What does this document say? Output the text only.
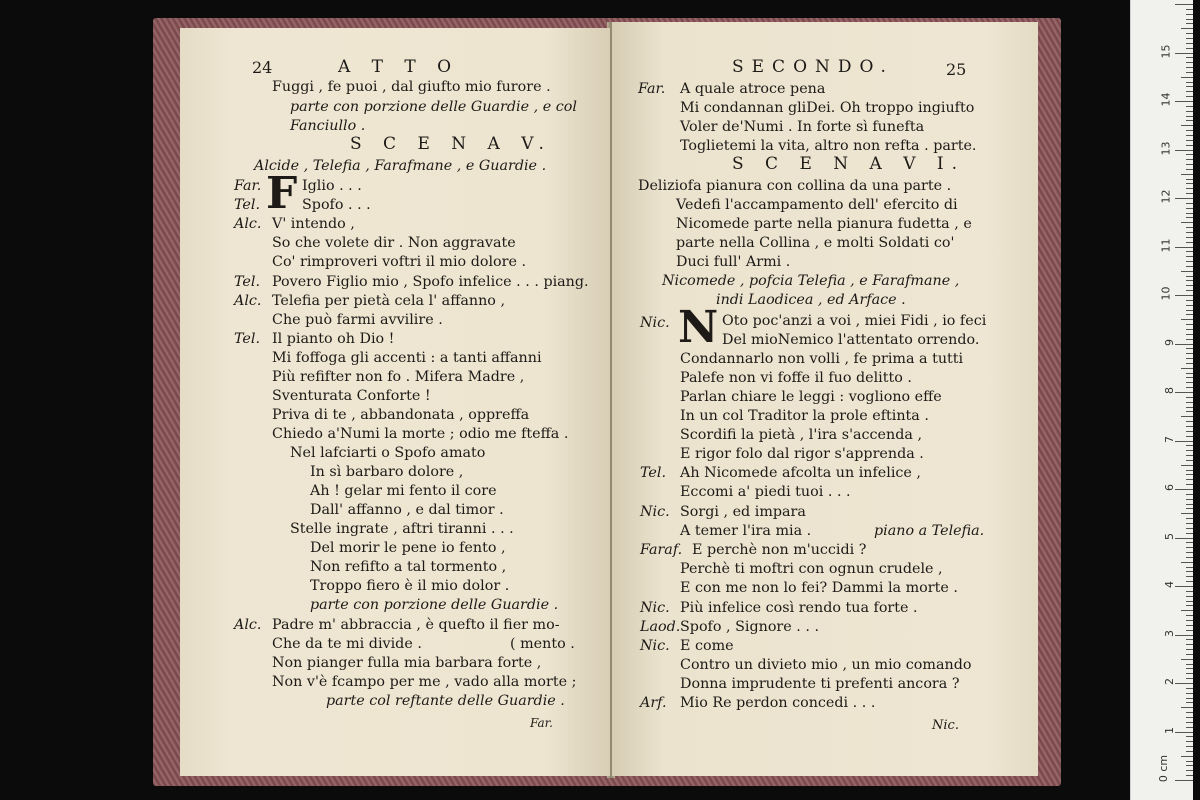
24	A T T O
Fuggi , fe puoi , dal giufto mio furore .
parte con porzione delle Guardie , e col
Fanciullo .
S C E N A V.
Alcide , Telefia , Farafmane , e Guardie .
Far. F Iglio . . .
Tel.	Spofo . . .
Alc. V' intendo ,
So che volete dir . Non aggravate
Co' rimproveri voftri il mio dolore .
Tel. Povero Figlio mio , Spofo infelice . . . piang.
Alc. Telefia per pietà cela l' affanno ,
Che può farmi avvilire .
Tel. Il pianto oh Dio !
Mi foffoga gli accenti : a tanti affanni
Più refifter non fo . Mifera Madre ,
Sventurata Conforte !
Priva di te , abbandonata , oppreffa
Chiedo a'Numi la morte ; odio me fteffa .
Nel lafciarti o Spofo amato
In sì barbaro dolore ,
Ah ! gelar mi fento il core
Dall' affanno , e dal timor .
Stelle ingrate , aftri tiranni . . .
Del morir le pene io fento ,
Non refifto a tal tormento ,
Troppo fiero è il mio dolor .
parte con porzione delle Guardie .
Alc. Padre m' abbraccia , è quefto il fier mo-
Che da te mi divide .	( mento .
Non pianger fulla mia barbara forte ,
Non v'è fcampo per me , vado alla morte ;
parte col reftante delle Guardie .
Far.
SECONDO.	25
Far. A quale atroce pena
Mi condannan gliDei. Oh troppo ingiufto
Voler de'Numi . In forte sì funefta
Toglietemi la vita, altro non refta . parte.
S C E N A V I.
Deliziofa pianura con collina da una parte .
Vedefi l'accampamento dell' efercito di
Nicomede parte nella pianura fudetta , e
parte nella Collina , e molti Soldati co'
Duci full' Armi .
Nicomede , pofcia Telefia , e Farafmane ,
indi Laodicea , ed Arface .
Nic. N Oto poc'anzi a voi , miei Fidi , io feci
Del mioNemico l'attentato orrendo.
Condannarlo non volli , fe prima a tutti
Palefe non vi foffe il fuo delitto .
Parlan chiare le leggi : vogliono effe
In un col Traditor la prole eftinta .
Scordifi la pietà , l'ira s'accenda ,
E rigor folo dal rigor s'apprenda .
Tel. Ah Nicomede afcolta un infelice ,
Eccomi a' piedi tuoi . . .
Nic. Sorgi , ed impara
A temer l'ira mia .	piano a Telefia.
Faraf. E perchè non m'uccidi ?
Perchè ti moftri con ognun crudele ,
E con me non lo fei? Dammi la morte .
Nic. Più infelice così rendo tua forte .
Laod. Spofo , Signore . . .
Nic. E come
Contro un divieto mio , un mio comando
Donna imprudente ti prefenti ancora ?
Arf. Mio Re perdon concedi . . .
Nic.
0 cm
1
2
3
4
5
6
7
8
9
10
11
12
13
14
15
